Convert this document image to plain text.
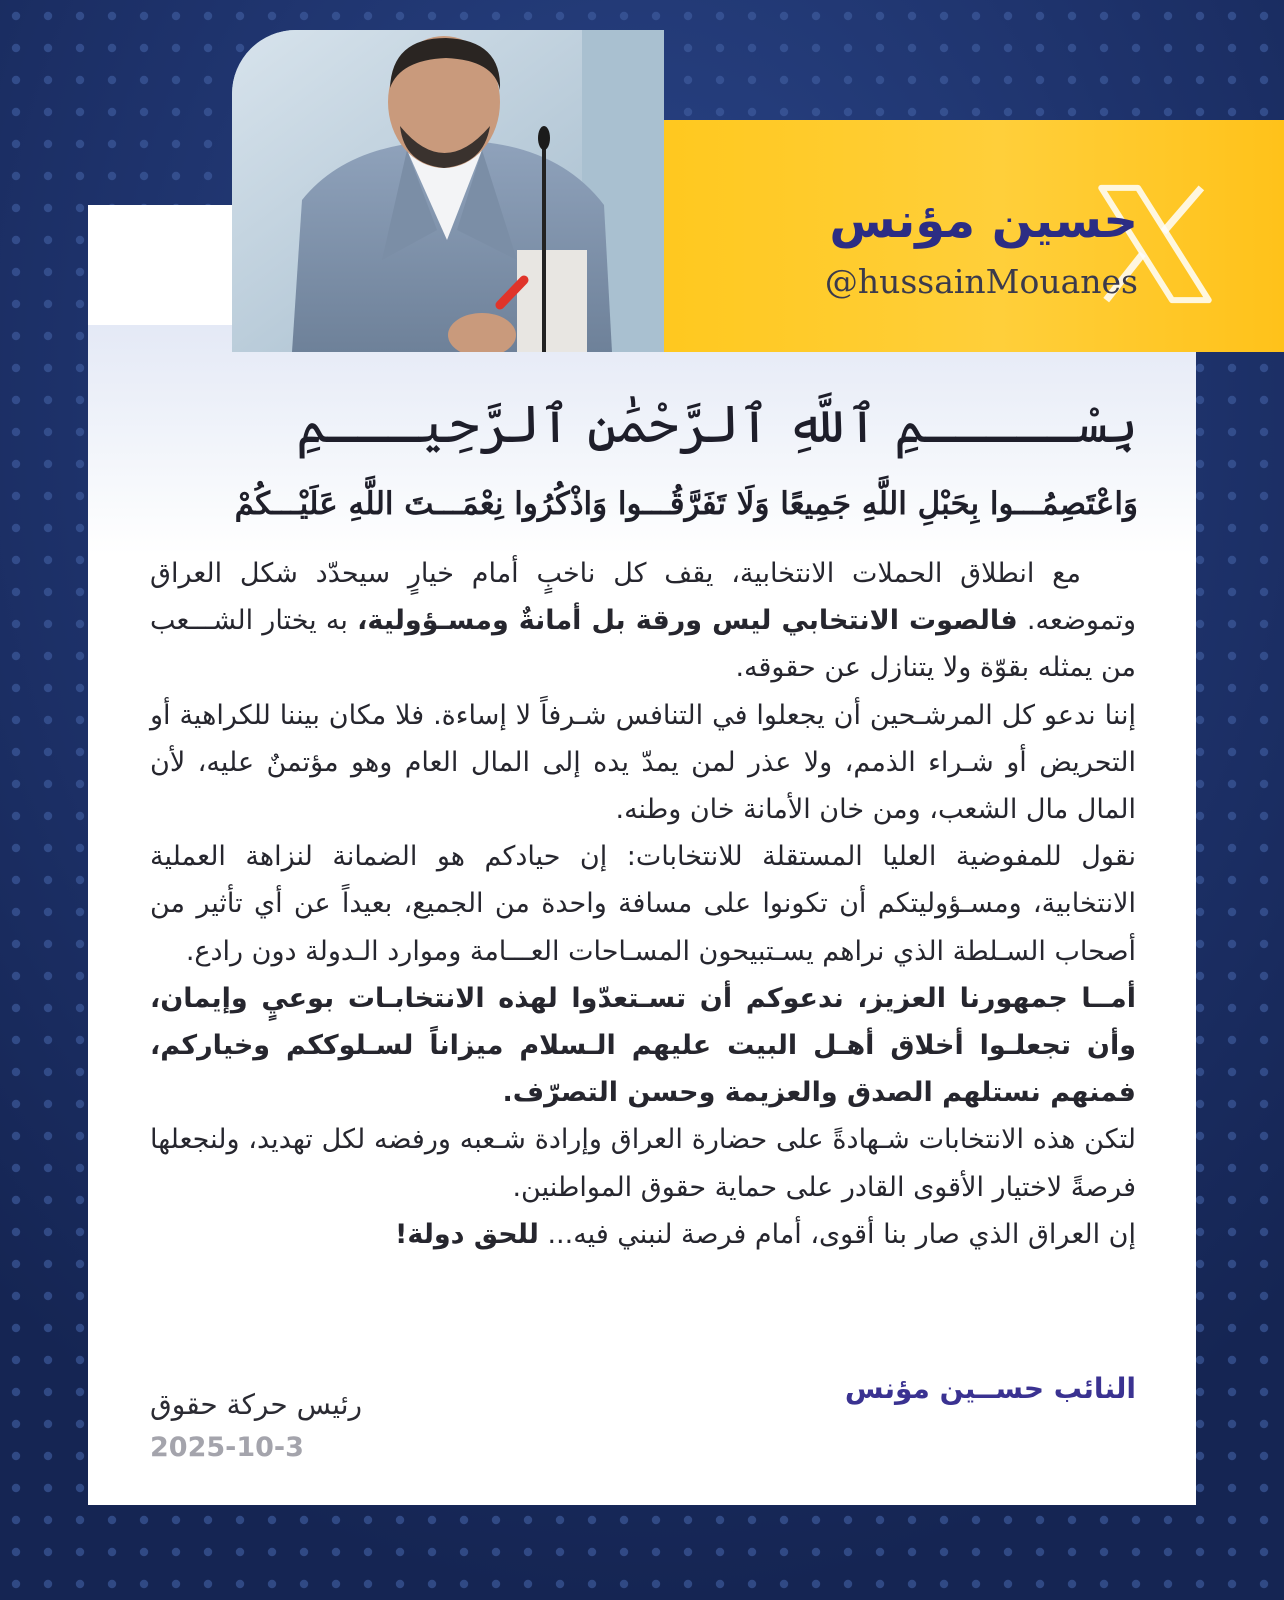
حسين مؤنس
@hussainMouanes
بِسْـــــمِ ٱللَّهِ ٱلرَّحْمَٰنِ ٱلرَّحِيـــمِ
وَاعْتَصِمُـــوا بِحَبْلِ اللَّهِ جَمِيعًا وَلَا تَفَرَّقُـــوا وَاذْكُرُوا نِعْمَـــتَ اللَّهِ عَلَيْـــكُمْ

مع انطلاق الحملات الانتخابية، يقف كل ناخبٍ أمام خيارٍ سيحدّد شكل العراق وتموضعه. فالصوت الانتخابي ليس ورقة بل أمانةٌ ومسـؤولية، به يختار الشـــعب من يمثله بقوّة ولا يتنازل عن حقوقه.

إننا ندعو كل المرشـحين أن يجعلوا في التنافس شـرفاً لا إساءة. فلا مكان بيننا للكراهية أو التحريض أو شـراء الذمم، ولا عذر لمن يمدّ يده إلى المال العام وهو مؤتمنٌ عليه، لأن المال مال الشعب، ومن خان الأمانة خان وطنه.

نقول للمفوضية العليا المستقلة للانتخابات: إن حيادكم هو الضمانة لنزاهة العملية الانتخابية، ومسـؤوليتكم أن تكونوا على مسافة واحدة من الجميع، بعيداً عن أي تأثير من أصحاب السـلطة الذي نراهم يسـتبيحون المسـاحات العـــامة وموارد الـدولة دون رادع.

أمــا جمهورنا العزيز، ندعوكم أن تسـتعدّوا لهذه الانتخابـات بوعيٍ وإيمان، وأن تجعلـوا أخلاق أهـل البيت عليهم الـسلام ميزاناً لسـلوككم وخياركم، فمنهم نستلهم الصدق والعزيمة وحسن التصرّف.

لتكن هذه الانتخابات شـهادةً على حضارة العراق وإرادة شـعبه ورفضه لكل تهديد، ولنجعلها فرصةً لاختيار الأقوى القادر على حماية حقوق المواطنين.

إن العراق الذي صار بنا أقوى، أمام فرصة لنبني فيه... للحق دولة!

النائب حســين مؤنس
رئيس حركة حقوق
2025-10-3
